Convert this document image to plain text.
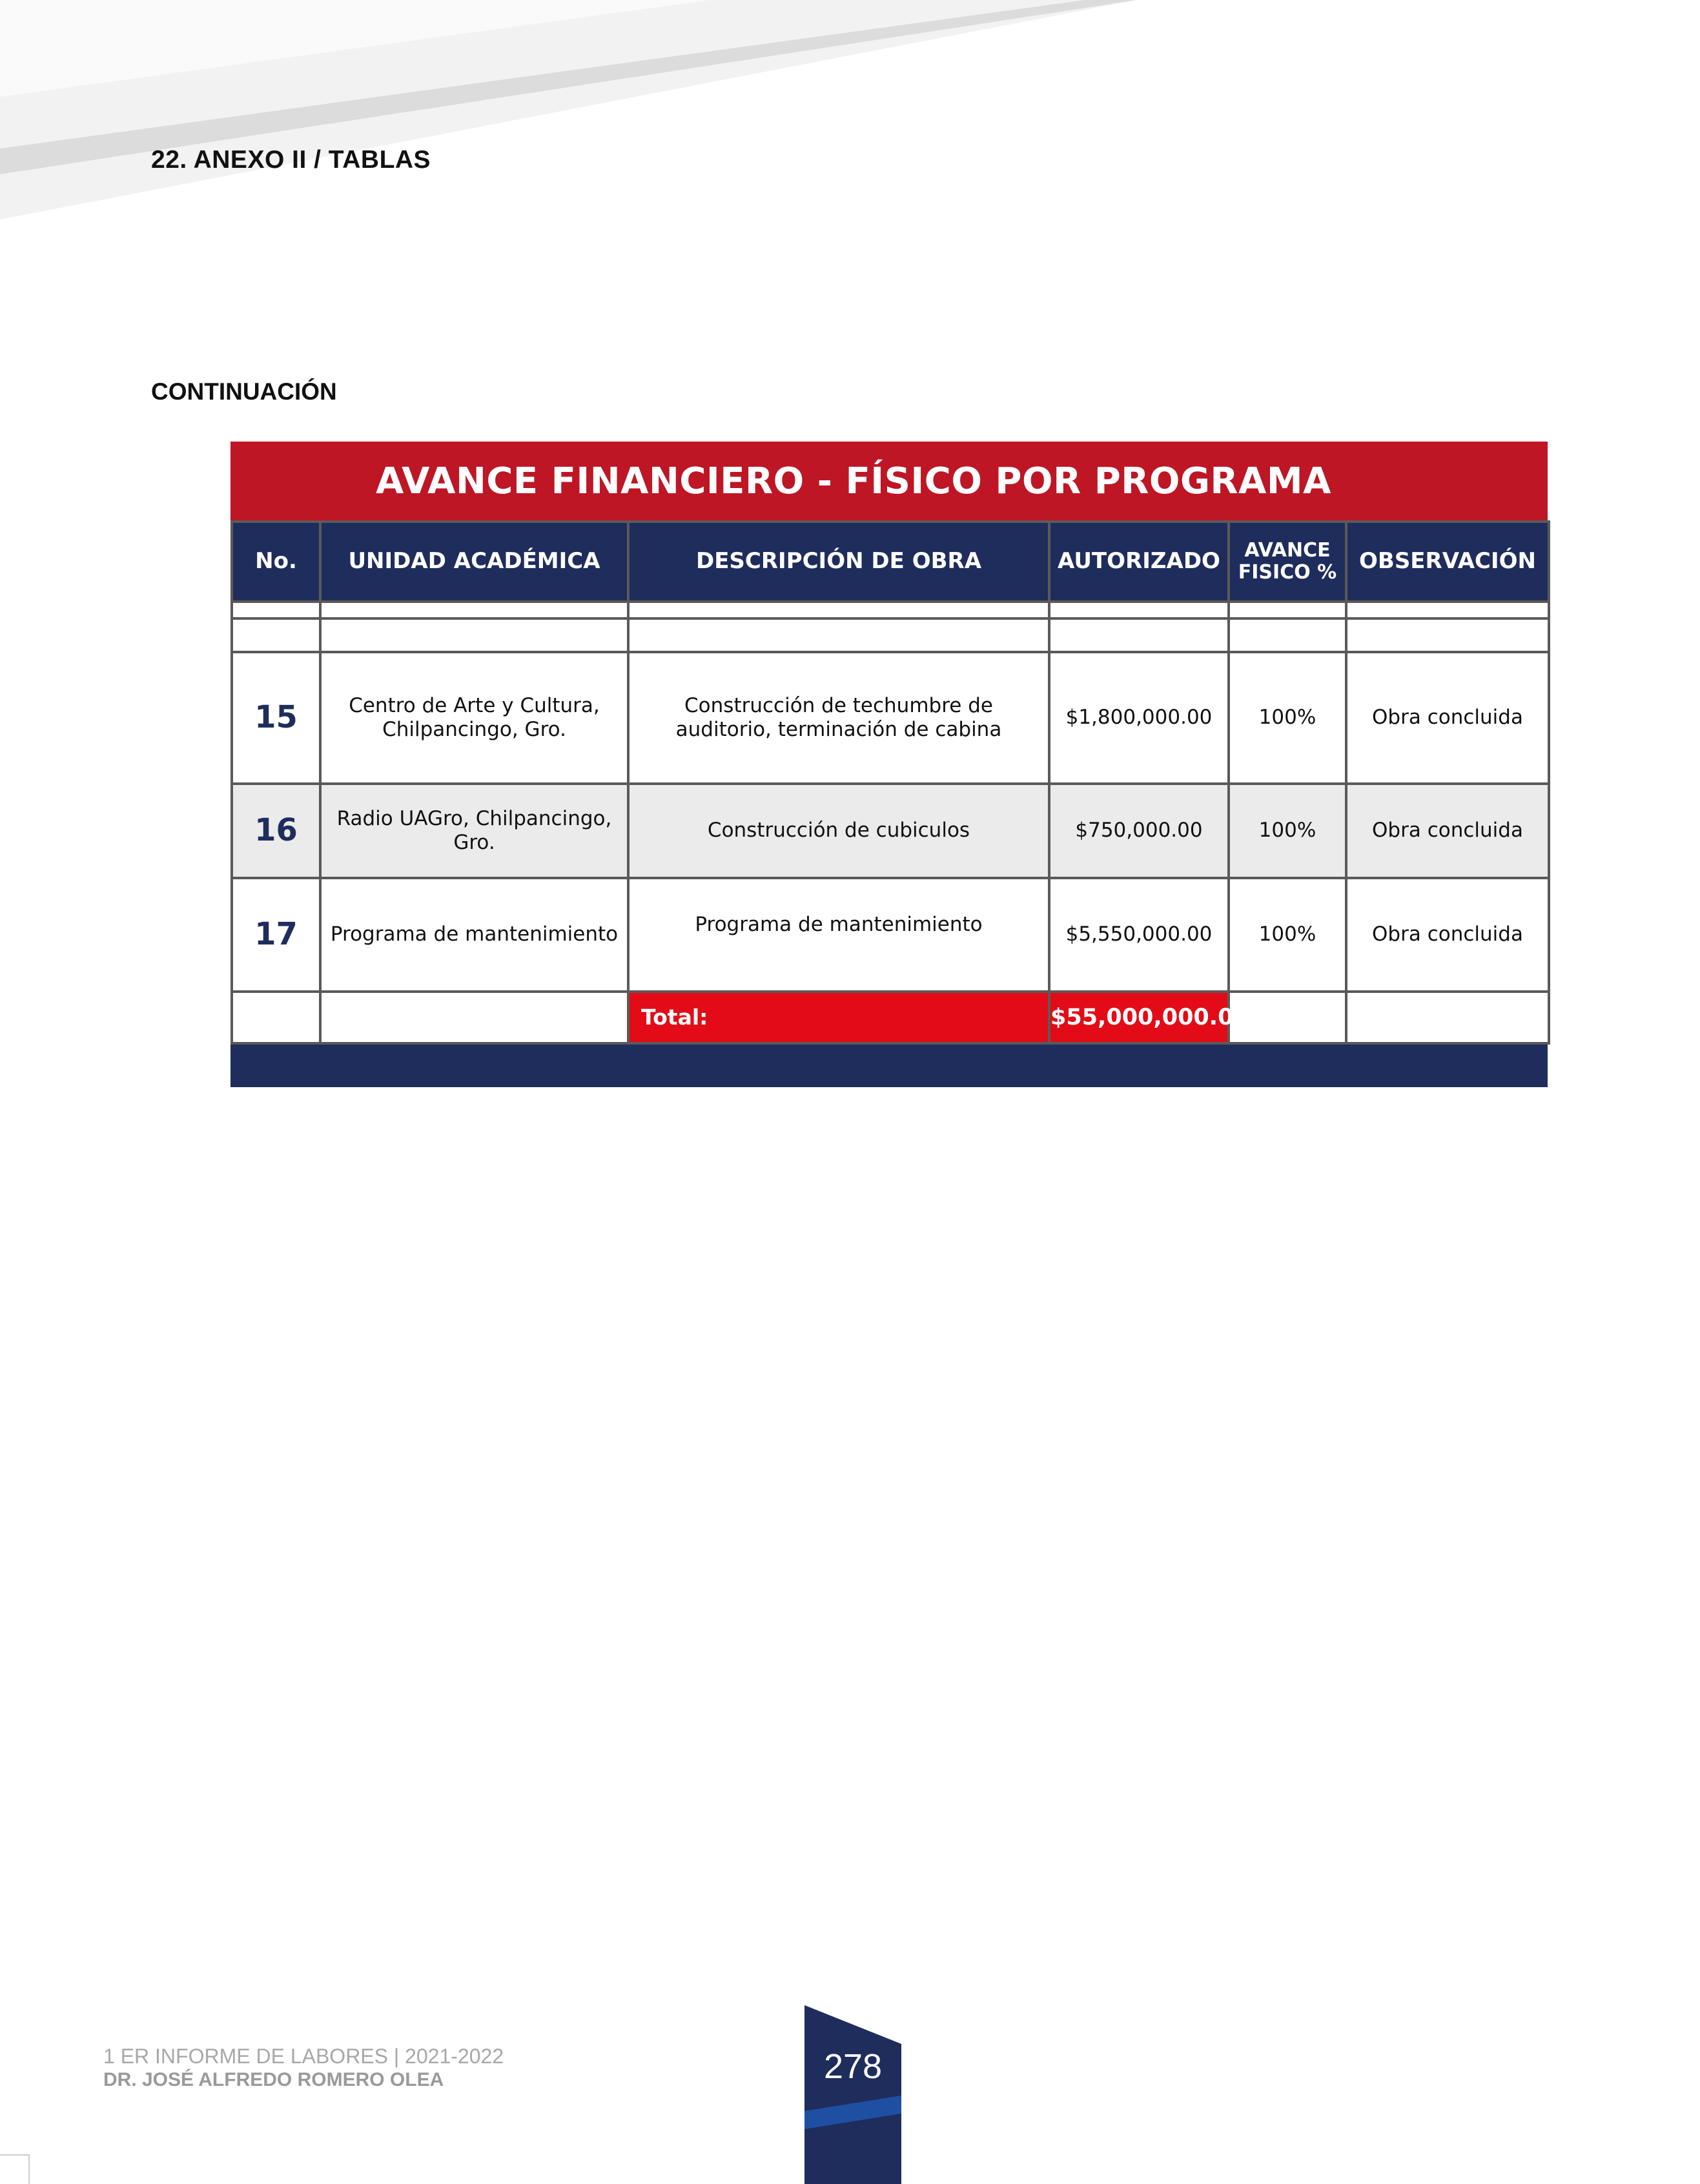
22. ANEXO II / TABLAS
CONTINUACIÓN
AVANCE FINANCIERO - FÍSICO POR PROGRAMA
No.	UNIDAD ACADÉMICA	DESCRIPCIÓN DE OBRA	AUTORIZADO	AVANCE FISICO %	OBSERVACIÓN

15	Centro de Arte y Cultura, Chilpancingo, Gro.	Construcción de techumbre de auditorio, terminación de cabina	$1,800,000.00	100%	Obra concluida
16	Radio UAGro, Chilpancingo, Gro.	Construcción de cubiculos	$750,000.00	100%	Obra concluida
17	Programa de mantenimiento	Programa de mantenimiento	$5,550,000.00	100%	Obra concluida
		Total:	$55,000,000.00		
1 ER INFORME DE LABORES | 2021-2022
DR. JOSÉ ALFREDO ROMERO OLEA	278
